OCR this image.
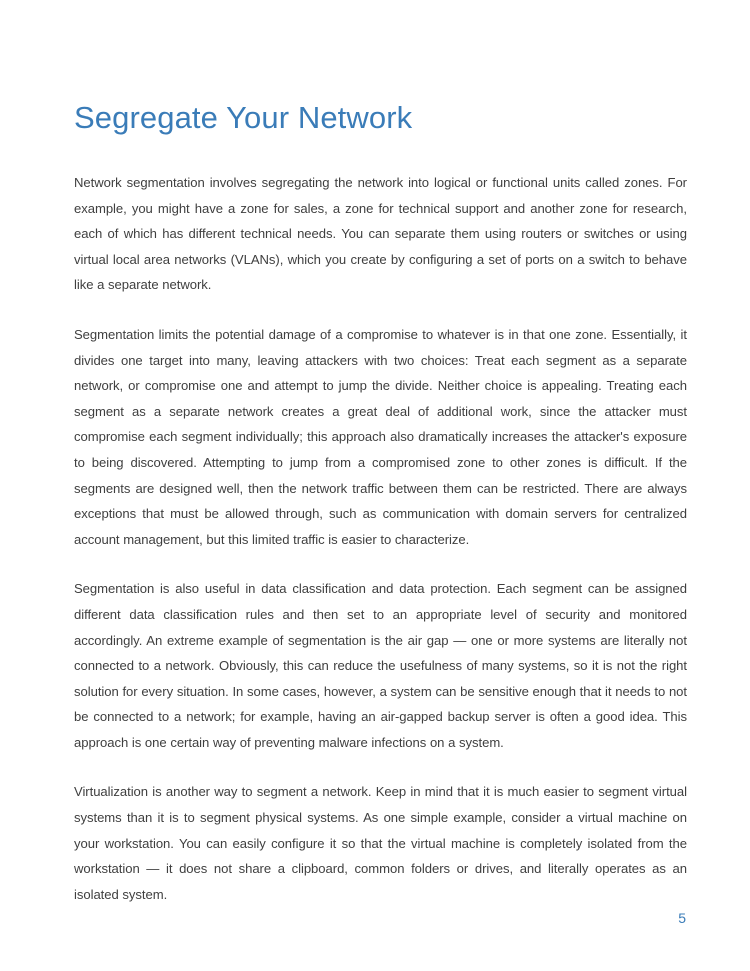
Segregate Your Network

Network segmentation involves segregating the network into logical or functional units called zones. For example, you might have a zone for sales, a zone for technical support and another zone for research, each of which has different technical needs. You can separate them using routers or switches or using virtual local area networks (VLANs), which you create by configuring a set of ports on a switch to behave like a separate network.

Segmentation limits the potential damage of a compromise to whatever is in that one zone. Essentially, it divides one target into many, leaving attackers with two choices: Treat each segment as a separate network, or compromise one and attempt to jump the divide. Neither choice is appealing. Treating each segment as a separate network creates a great deal of additional work, since the attacker must compromise each segment individually; this approach also dramatically increases the attacker's exposure to being discovered. Attempting to jump from a compromised zone to other zones is difficult. If the segments are designed well, then the network traffic between them can be restricted. There are always exceptions that must be allowed through, such as communication with domain servers for centralized account management, but this limited traffic is easier to characterize.

Segmentation is also useful in data classification and data protection. Each segment can be assigned different data classification rules and then set to an appropriate level of security and monitored accordingly. An extreme example of segmentation is the air gap — one or more systems are literally not connected to a network. Obviously, this can reduce the usefulness of many systems, so it is not the right solution for every situation. In some cases, however, a system can be sensitive enough that it needs to not be connected to a network; for example, having an air-gapped backup server is often a good idea. This approach is one certain way of preventing malware infections on a system.

Virtualization is another way to segment a network. Keep in mind that it is much easier to segment virtual systems than it is to segment physical systems. As one simple example, consider a virtual machine on your workstation. You can easily configure it so that the virtual machine is completely isolated from the workstation — it does not share a clipboard, common folders or drives, and literally operates as an isolated system.

5
